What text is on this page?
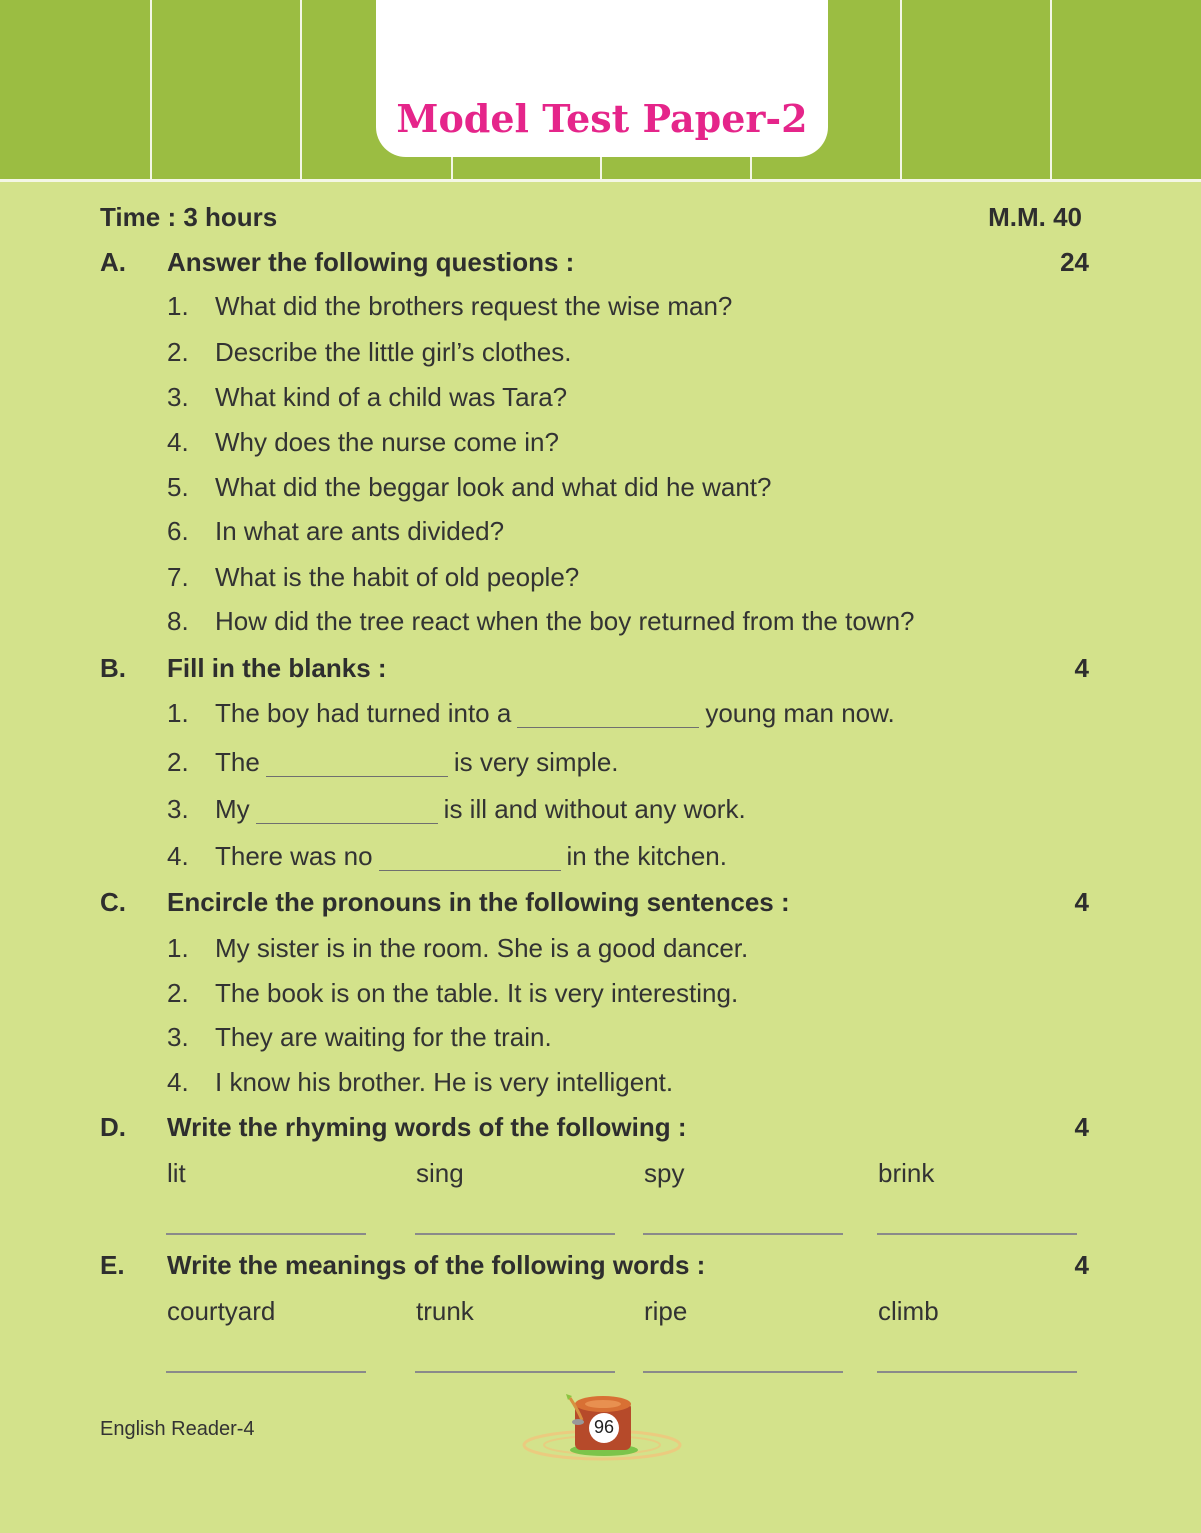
Model Test Paper-2
Time : 3 hours	M.M. 40
A. Answer the following questions :	24
1. What did the brothers request the wise man?
2. Describe the little girl’s clothes.
3. What kind of a child was Tara?
4. Why does the nurse come in?
5. What did the beggar look and what did he want?
6. In what are ants divided?
7. What is the habit of old people?
8. How did the tree react when the boy returned from the town?
B. Fill in the blanks :	4
1. The boy had turned into a	young man now.
2. The	is very simple.
3. My	is ill and without any work.
4. There was no	in the kitchen.
C. Encircle the pronouns in the following sentences :	4
1. My sister is in the room. She is a good dancer.
2. The book is on the table. It is very interesting.
3. They are waiting for the train.
4. I know his brother. He is very intelligent.
D. Write the rhyming words of the following :	4
lit	sing	spy	brink
E. Write the meanings of the following words :	4
courtyard	trunk	ripe	climb
English Reader-4	96
